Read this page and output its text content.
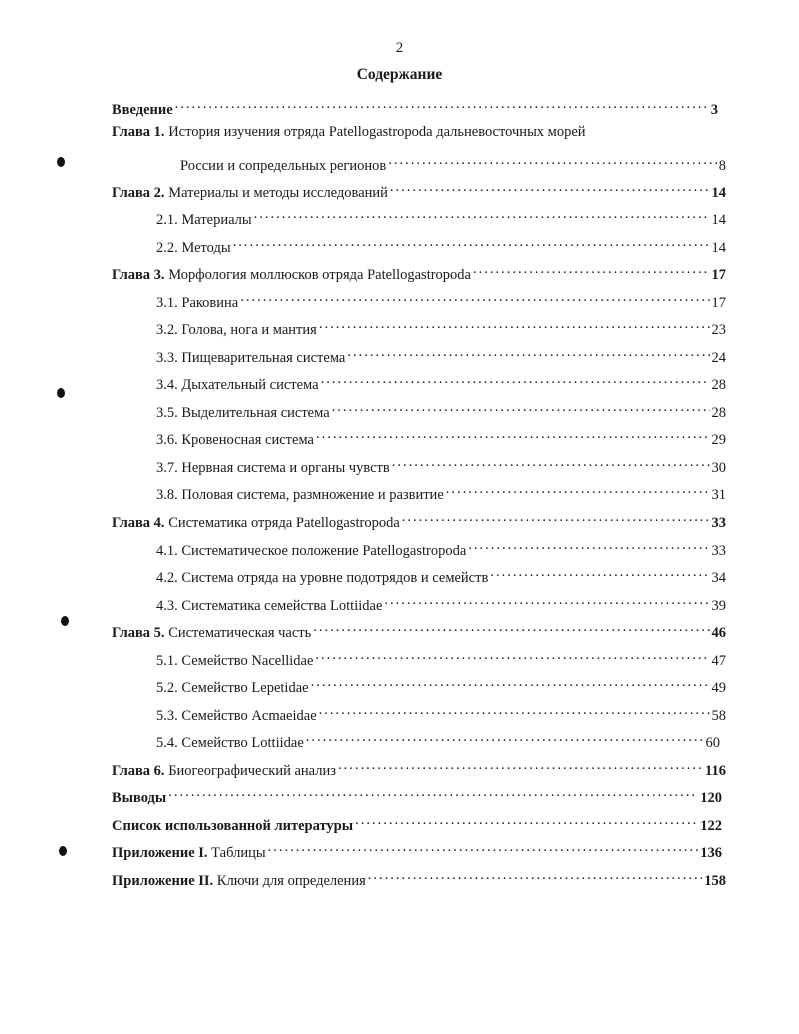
2
Содержание
Введение .....	3
Глава 1. История изучения отряда Patellogastropoda дальневосточных морей
России и сопредельных регионов .....	8
Глава 2. Материалы и методы исследований .....	14
2.1. Материалы .....	14
2.2. Методы .....	14
Глава 3. Морфология моллюсков отряда Patellogastropoda .....	17
3.1. Раковина .....	17
3.2. Голова, нога и мантия .....	23
3.3. Пищеварительная система .....	24
3.4. Дыхательный система .....	28
3.5. Выделительная система .....	28
3.6. Кровеносная система .....	29
3.7. Нервная система и органы чувств .....	30
3.8. Половая система, размножение и развитие .....	31
Глава 4. Систематика отряда Patellogastropoda .....	33
4.1. Систематическое положение Patellogastropoda .....	33
4.2. Система отряда на уровне подотрядов и семейств .....	34
4.3. Систематика семейства Lottiidae .....	39
Глава 5. Систематическая часть .....	46
5.1. Семейство Nacellidae .....	47
5.2. Семейство Lepetidae .....	49
5.3. Семейство Acmaeidae .....	58
5.4. Семейство Lottiidae .....	60
Глава 6. Биогеографический анализ .....	116
Выводы .....	120
Список использованной литературы .....	122
Приложение I. Таблицы .....	136
Приложение II. Ключи для определения .....	158
